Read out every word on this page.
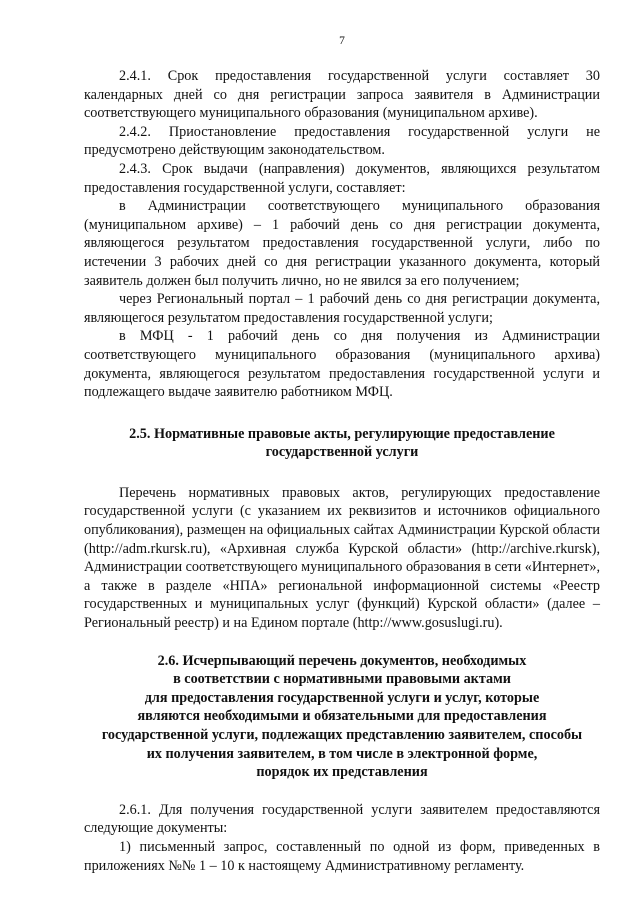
7

2.4.1. Срок предоставления государственной услуги составляет 30 календарных дней со дня регистрации запроса заявителя в Администрации соответствующего муниципального образования (муниципальном архиве).

2.4.2. Приостановление предоставления государственной услуги не предусмотрено действующим законодательством.

2.4.3. Срок выдачи (направления) документов, являющихся результатом предоставления государственной услуги, составляет:

в Администрации соответствующего муниципального образования (муниципальном архиве) – 1 рабочий день со дня регистрации документа, являющегося результатом предоставления государственной услуги, либо по истечении 3 рабочих дней со дня регистрации указанного документа, который заявитель должен был получить лично, но не явился за его получением;

через Региональный портал – 1 рабочий день со дня регистрации документа, являющегося результатом предоставления государственной услуги;

в МФЦ - 1 рабочий день со дня получения из Администрации соответствующего муниципального образования (муниципального архива) документа, являющегося результатом предоставления государственной услуги и подлежащего выдаче заявителю работником МФЦ.

2.5. Нормативные правовые акты, регулирующие предоставление
государственной услуги

Перечень нормативных правовых актов, регулирующих предоставление государственной услуги (с указанием их реквизитов и источников официального опубликования), размещен на официальных сайтах Администрации Курской области (http://adm.rkursk.ru), «Архивная служба Курской области» (http://archive.rkursk), Администрации соответствующего муниципального образования в сети «Интернет», а также в разделе «НПА» региональной информационной системы «Реестр государственных и муниципальных услуг (функций) Курской области» (далее – Региональный реестр) и на Едином портале (http://www.gosuslugi.ru).

2.6. Исчерпывающий перечень документов, необходимых
в соответствии с нормативными правовыми актами
для предоставления государственной услуги и услуг, которые
являются необходимыми и обязательными для предоставления
государственной услуги, подлежащих представлению заявителем, способы
их получения заявителем, в том числе в электронной форме,
порядок их представления

2.6.1. Для получения государственной услуги заявителем предоставляются следующие документы:

1) письменный запрос, составленный по одной из форм, приведенных в приложениях №№ 1 – 10 к настоящему Административному регламенту.
